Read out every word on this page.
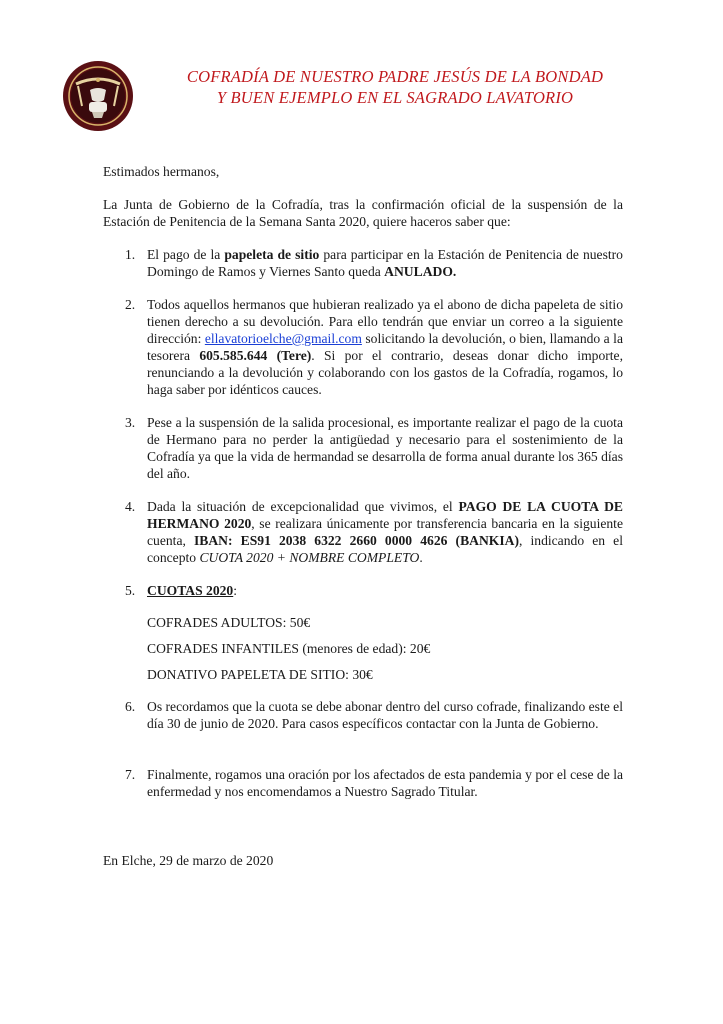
COFRADÍA DE NUESTRO PADRE JESÚS DE LA BONDAD
Y BUEN EJEMPLO EN EL SAGRADO LAVATORIO
Estimados hermanos,
La Junta de Gobierno de la Cofradía, tras la confirmación oficial de la suspensión de la Estación de Penitencia de la Semana Santa 2020, quiere haceros saber que:
1. El pago de la papeleta de sitio para participar en la Estación de Penitencia de nuestro Domingo de Ramos y Viernes Santo queda ANULADO.
2. Todos aquellos hermanos que hubieran realizado ya el abono de dicha papeleta de sitio tienen derecho a su devolución. Para ello tendrán que enviar un correo a la siguiente dirección: ellavatorioelche@gmail.com solicitando la devolución, o bien, llamando a la tesorera 605.585.644 (Tere). Si por el contrario, deseas donar dicho importe, renunciando a la devolución y colaborando con los gastos de la Cofradía, rogamos, lo haga saber por idénticos cauces.
3. Pese a la suspensión de la salida procesional, es importante realizar el pago de la cuota de Hermano para no perder la antigüedad y necesario para el sostenimiento de la Cofradía ya que la vida de hermandad se desarrolla de forma anual durante los 365 días del año.
4. Dada la situación de excepcionalidad que vivimos, el PAGO DE LA CUOTA DE HERMANO 2020, se realizara únicamente por transferencia bancaria en la siguiente cuenta, IBAN: ES91 2038 6322 2660 0000 4626 (BANKIA), indicando en el concepto CUOTA 2020 + NOMBRE COMPLETO.
5. CUOTAS 2020:
COFRADES ADULTOS: 50€
COFRADES INFANTILES (menores de edad): 20€
DONATIVO PAPELETA DE SITIO: 30€
6. Os recordamos que la cuota se debe abonar dentro del curso cofrade, finalizando este el día 30 de junio de 2020. Para casos específicos contactar con la Junta de Gobierno.
7. Finalmente, rogamos una oración por los afectados de esta pandemia y por el cese de la enfermedad y nos encomendamos a Nuestro Sagrado Titular.
En Elche, 29 de marzo de 2020
